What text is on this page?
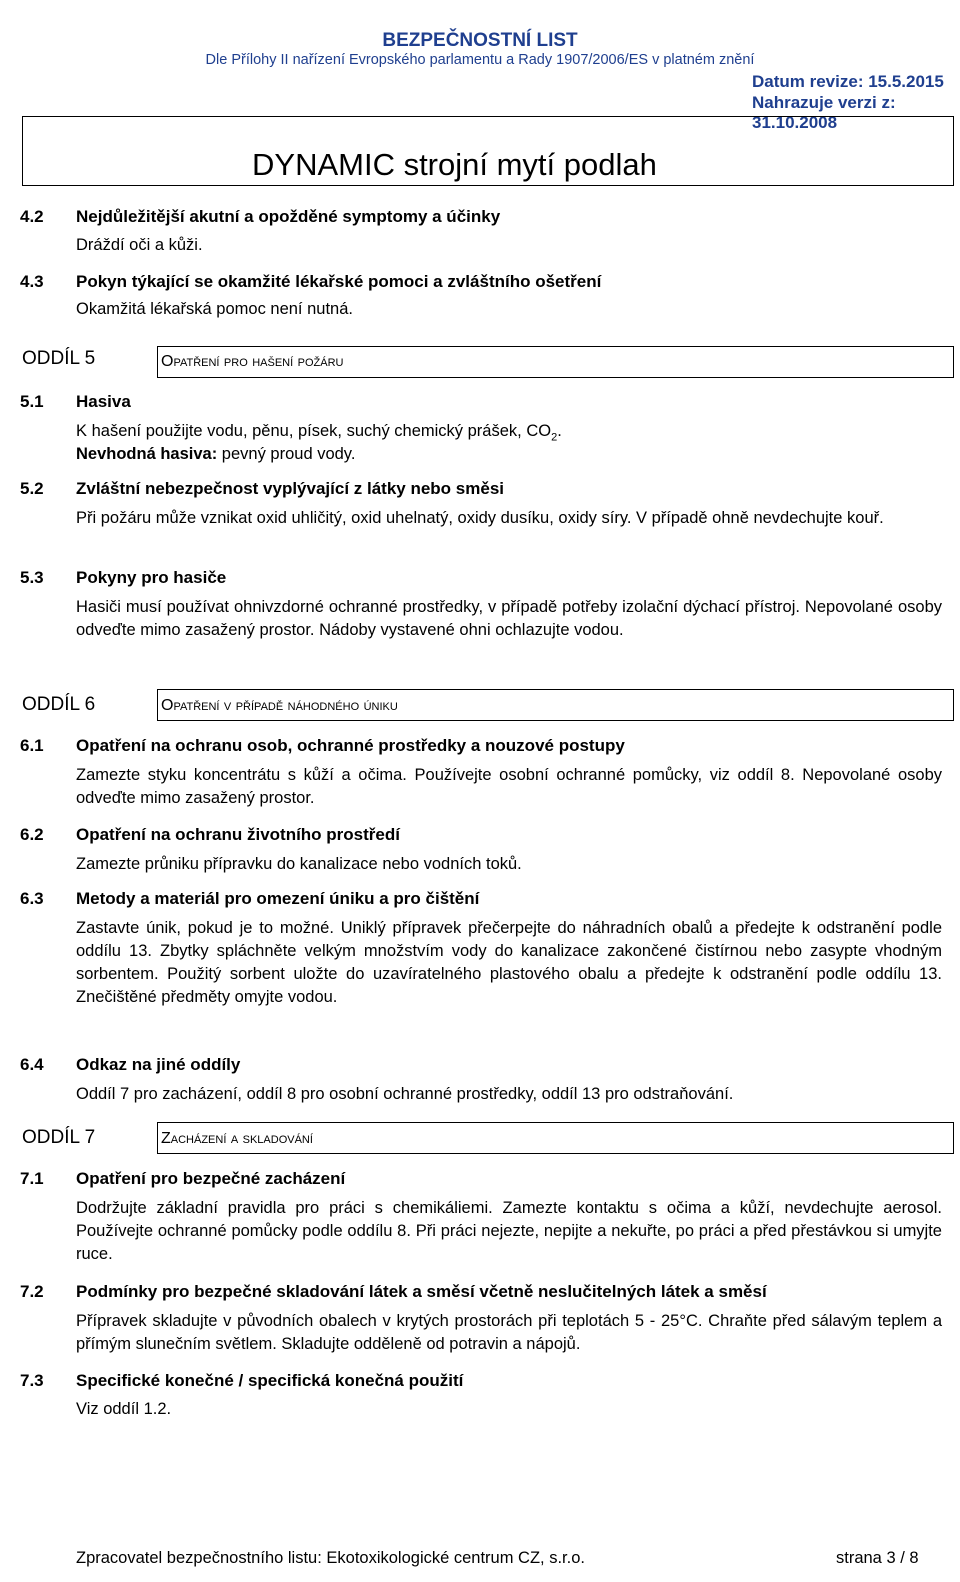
BEZPEČNOSTNÍ LIST
Dle Přílohy II nařízení Evropského parlamentu a Rady 1907/2006/ES v platném znění
Datum revize: 15.5.2015
Nahrazuje verzi z: 31.10.2008
DYNAMIC strojní mytí podlah
4.2 Nejdůležitější akutní a opožděné symptomy a účinky
Dráždí oči a kůži.
4.3 Pokyn týkající se okamžité lékařské pomoci a zvláštního ošetření
Okamžitá lékařská pomoc není nutná.
ODDÍL 5	Opatření pro hašení požáru
5.1 Hasiva
K hašení použijte vodu, pěnu, písek, suchý chemický prášek, $CO_2$.
Nevhodná hasiva: pevný proud vody.
5.2 Zvláštní nebezpečnost vyplývající z látky nebo směsi
Při požáru může vznikat oxid uhličitý, oxid uhelnatý, oxidy dusíku, oxidy síry. V případě ohně nevdechujte kouř.
5.3 Pokyny pro hasiče
Hasiči musí používat ohnivzdorné ochranné prostředky, v případě potřeby izolační dýchací přístroj. Nepovolané osoby odveďte mimo zasažený prostor. Nádoby vystavené ohni ochlazujte vodou.
ODDÍL 6	Opatření v případě náhodného úniku
6.1 Opatření na ochranu osob, ochranné prostředky a nouzové postupy
Zamezte styku koncentrátu s kůží a očima. Používejte osobní ochranné pomůcky, viz oddíl 8. Nepovolané osoby odveďte mimo zasažený prostor.
6.2 Opatření na ochranu životního prostředí
Zamezte průniku přípravku do kanalizace nebo vodních toků.
6.3 Metody a materiál pro omezení úniku a pro čištění
Zastavte únik, pokud je to možné. Uniklý přípravek přečerpejte do náhradních obalů a předejte k odstranění podle oddílu 13. Zbytky spláchněte velkým množstvím vody do kanalizace zakončené čistírnou nebo zasypte vhodným sorbentem. Použitý sorbent uložte do uzavíratelného plastového obalu a předejte k odstranění podle oddílu 13. Znečištěné předměty omyjte vodou.
6.4 Odkaz na jiné oddíly
Oddíl 7 pro zacházení, oddíl 8 pro osobní ochranné prostředky, oddíl 13 pro odstraňování.
ODDÍL 7	Zacházení a skladování
7.1 Opatření pro bezpečné zacházení
Dodržujte základní pravidla pro práci s chemikáliemi. Zamezte kontaktu s očima a kůží, nevdechujte aerosol. Používejte ochranné pomůcky podle oddílu 8. Při práci nejezte, nepijte a nekuřte, po práci a před přestávkou si umyjte ruce.
7.2 Podmínky pro bezpečné skladování látek a směsí včetně neslučitelných látek a směsí
Přípravek skladujte v původních obalech v krytých prostorách při teplotách 5 - 25°C. Chraňte před sálavým teplem a přímým slunečním světlem. Skladujte odděleně od potravin a nápojů.
7.3 Specifické konečné / specifická konečná použití
Viz oddíl 1.2.
Zpracovatel bezpečnostního listu: Ekotoxikologické centrum CZ, s.r.o.	strana 3 / 8
